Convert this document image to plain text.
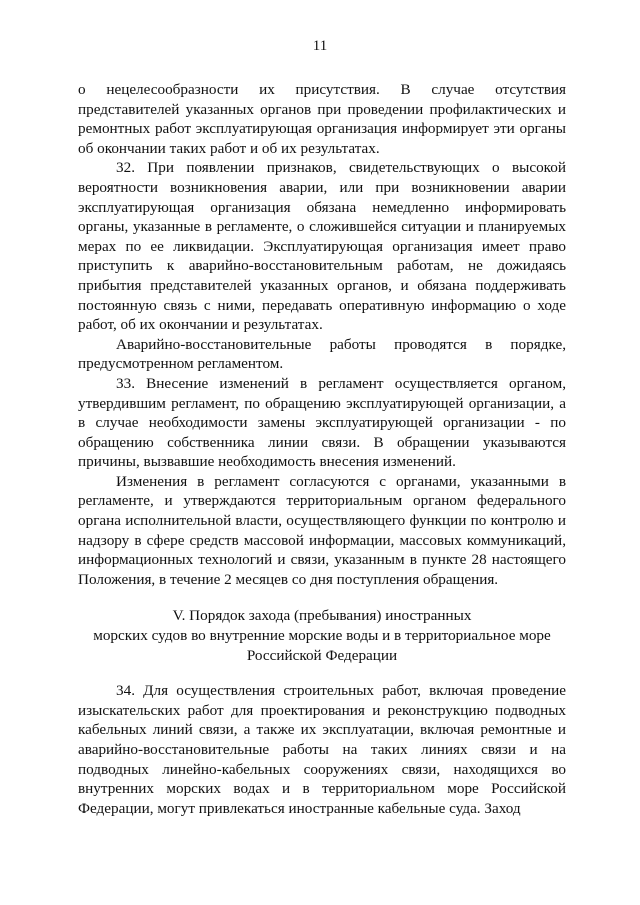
11

о нецелесообразности их присутствия. В случае отсутствия представителей указанных органов при проведении профилактических и ремонтных работ эксплуатирующая организация информирует эти органы об окончании таких работ и об их результатах.

32. При появлении признаков, свидетельствующих о высокой вероятности возникновения аварии, или при возникновении аварии эксплуатирующая организация обязана немедленно информировать органы, указанные в регламенте, о сложившейся ситуации и планируемых мерах по ее ликвидации. Эксплуатирующая организация имеет право приступить к аварийно-восстановительным работам, не дожидаясь прибытия представителей указанных органов, и обязана поддерживать постоянную связь с ними, передавать оперативную информацию о ходе работ, об их окончании и результатах.

Аварийно-восстановительные работы проводятся в порядке, предусмотренном регламентом.

33. Внесение изменений в регламент осуществляется органом, утвердившим регламент, по обращению эксплуатирующей организации, а в случае необходимости замены эксплуатирующей организации - по обращению собственника линии связи. В обращении указываются причины, вызвавшие необходимость внесения изменений.

Изменения в регламент согласуются с органами, указанными в регламенте, и утверждаются территориальным органом федерального органа исполнительной власти, осуществляющего функции по контролю и надзору в сфере средств массовой информации, массовых коммуникаций, информационных технологий и связи, указанным в пункте 28 настоящего Положения, в течение 2 месяцев со дня поступления обращения.

V. Порядок захода (пребывания) иностранных
морских судов во внутренние морские воды и в территориальное море
Российской Федерации

34. Для осуществления строительных работ, включая проведение изыскательских работ для проектирования и реконструкцию подводных кабельных линий связи, а также их эксплуатации, включая ремонтные и аварийно-восстановительные работы на таких линиях связи и на подводных линейно-кабельных сооружениях связи, находящихся во внутренних морских водах и в территориальном море Российской Федерации, могут привлекаться иностранные кабельные суда. Заход
